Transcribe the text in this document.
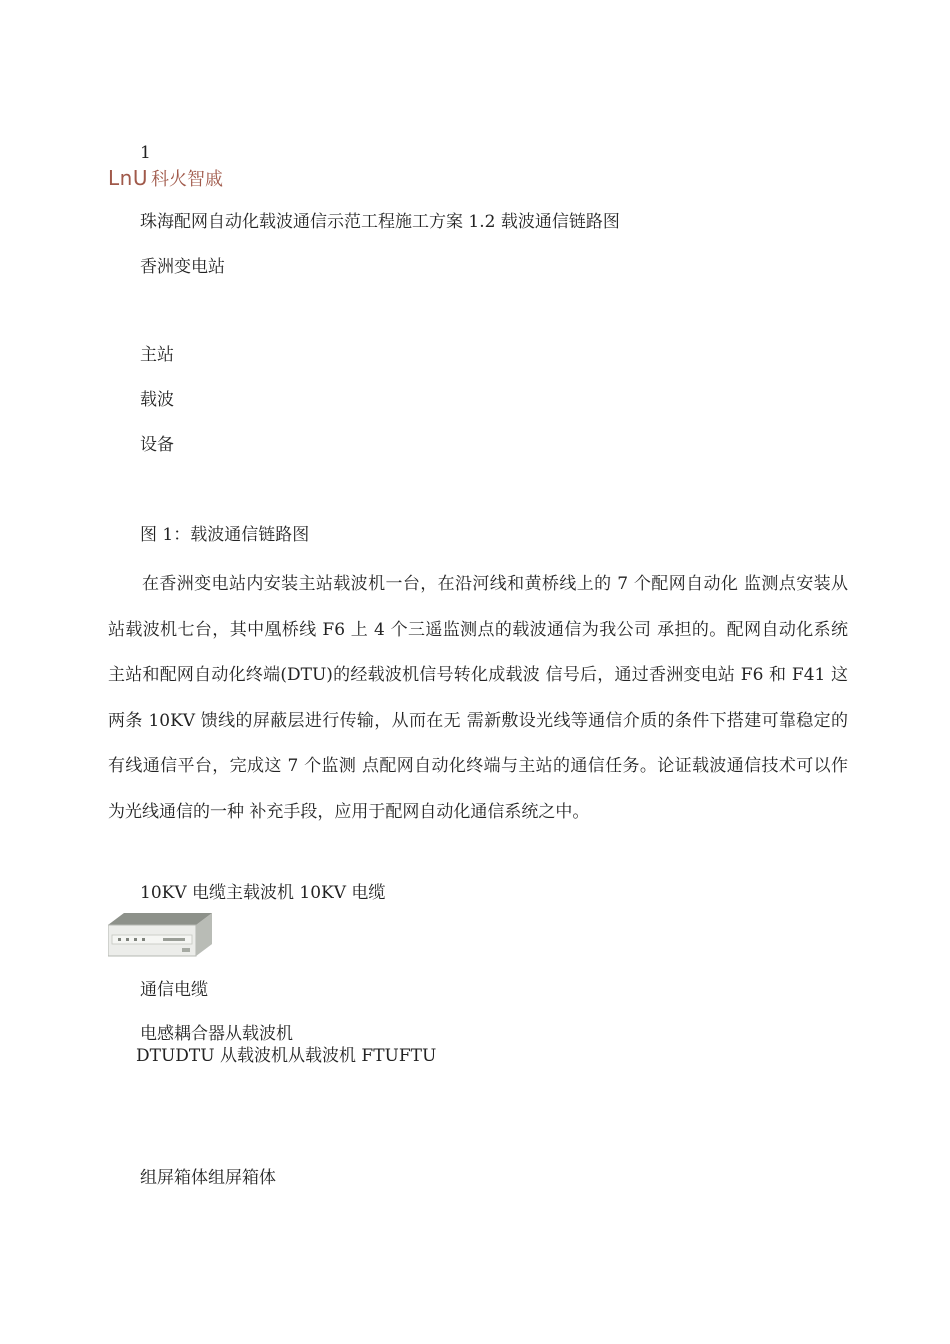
1
LnU 科火智戚
珠海配网自动化载波通信示范工程施工方案 1.2 载波通信链路图
香洲变电站
主站
载波
设备
图 1：载波通信链路图

在香洲变电站内安装主站载波机一台，在沿河线和黄桥线上的 7 个配网自动化 监测点安装从站载波机七台，其中凰桥线 F6 上 4 个三遥监测点的载波通信为我公司 承担的。配网自动化系统主站和配网自动化终端(DTU)的经载波机信号转化成载波 信号后，通过香洲变电站 F6 和 F41 这两条 10KV 馈线的屏蔽层进行传输，从而在无 需新敷设光线等通信介质的条件下搭建可靠稳定的有线通信平台，完成这 7 个监测 点配网自动化终端与主站的通信任务。论证载波通信技术可以作为光线通信的一种 补充手段，应用于配网自动化通信系统之中。

10KV 电缆主载波机 10KV 电缆
通信电缆
电感耦合器从载波机
DTUDTU 从载波机从载波机 FTUFTU
组屏箱体组屏箱体
